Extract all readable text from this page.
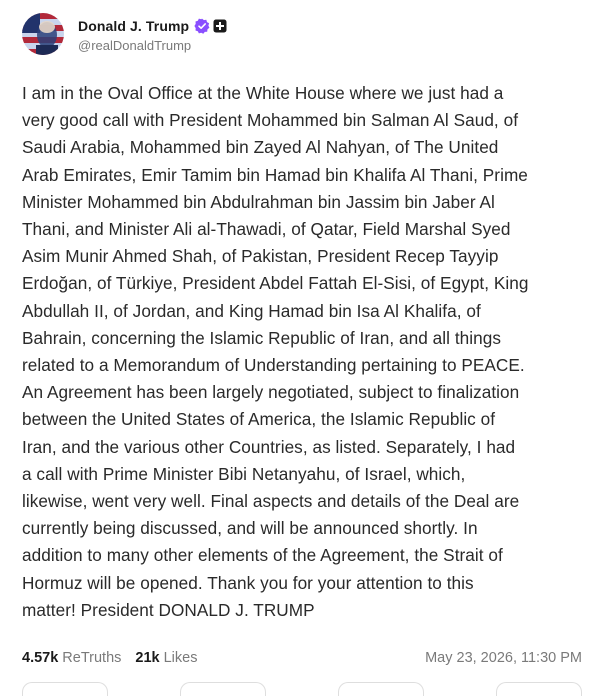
Donald J. Trump
@realDonaldTrump
I am in the Oval Office at the White House where we just had a
very good call with President Mohammed bin Salman Al Saud, of
Saudi Arabia, Mohammed bin Zayed Al Nahyan, of The United
Arab Emirates, Emir Tamim bin Hamad bin Khalifa Al Thani, Prime
Minister Mohammed bin Abdulrahman bin Jassim bin Jaber Al
Thani, and Minister Ali al-Thawadi, of Qatar, Field Marshal Syed
Asim Munir Ahmed Shah, of Pakistan, President Recep Tayyip
Erdoğan, of Türkiye, President Abdel Fattah El-Sisi, of Egypt, King
Abdullah II, of Jordan, and King Hamad bin Isa Al Khalifa, of
Bahrain, concerning the Islamic Republic of Iran, and all things
related to a Memorandum of Understanding pertaining to PEACE.
An Agreement has been largely negotiated, subject to finalization
between the United States of America, the Islamic Republic of
Iran, and the various other Countries, as listed. Separately, I had
a call with Prime Minister Bibi Netanyahu, of Israel, which,
likewise, went very well. Final aspects and details of the Deal are
currently being discussed, and will be announced shortly. In
addition to many other elements of the Agreement, the Strait of
Hormuz will be opened. Thank you for your attention to this
matter! President DONALD J. TRUMP
4.57k ReTruths 21k Likes	May 23, 2026, 11:30 PM
